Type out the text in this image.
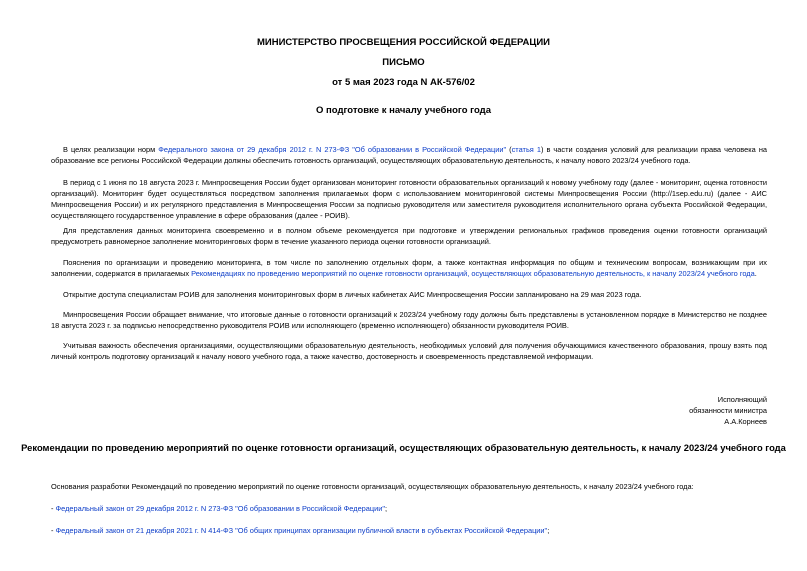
МИНИСТЕРСТВО ПРОСВЕЩЕНИЯ РОССИЙСКОЙ ФЕДЕРАЦИИ
ПИСЬМО
от 5 мая 2023 года N АК-576/02
О подготовке к началу учебного года
В целях реализации норм Федерального закона от 29 декабря 2012 г. N 273-ФЗ "Об образовании в Российской Федерации" (статья 1) в части создания условий для реализации права человека на образование все регионы Российской Федерации должны обеспечить готовность организаций, осуществляющих образовательную деятельность, к началу нового 2023/24 учебного года.
В период с 1 июня по 18 августа 2023 г. Минпросвещения России будет организован мониторинг готовности образовательных организаций к новому учебному году (далее - мониторинг, оценка готовности организаций). Мониторинг будет осуществляться посредством заполнения прилагаемых форм с использованием мониторинговой системы Минпросвещения России (http://1sep.edu.ru) (далее - АИС Минпросвещения России) и их регулярного представления в Минпросвещения России за подписью руководителя или заместителя руководителя исполнительного органа субъекта Российской Федерации, осуществляющего государственное управление в сфере образования (далее - РОИВ).
Для представления данных мониторинга своевременно и в полном объеме рекомендуется при подготовке и утверждении региональных графиков проведения оценки готовности организаций предусмотреть равномерное заполнение мониторинговых форм в течение указанного периода оценки готовности организаций.
Пояснения по организации и проведению мониторинга, в том числе по заполнению отдельных форм, а также контактная информация по общим и техническим вопросам, возникающим при их заполнении, содержатся в прилагаемых Рекомендациях по проведению мероприятий по оценке готовности организаций, осуществляющих образовательную деятельность, к началу 2023/24 учебного года.
Открытие доступа специалистам РОИВ для заполнения мониторинговых форм в личных кабинетах АИС Минпросвещения России запланировано на 29 мая 2023 года.
Минпросвещения России обращает внимание, что итоговые данные о готовности организаций к 2023/24 учебному году должны быть представлены в установленном порядке в Министерство не позднее 18 августа 2023 г. за подписью непосредственно руководителя РОИВ или исполняющего (временно исполняющего) обязанности руководителя РОИВ.
Учитывая важность обеспечения организациями, осуществляющими образовательную деятельность, необходимых условий для получения обучающимися качественного образования, прошу взять под личный контроль подготовку организаций к началу нового учебного года, а также качество, достоверность и своевременность представляемой информации.
Исполняющий
обязанности министра
А.А.Корнеев
Рекомендации по проведению мероприятий по оценке готовности организаций, осуществляющих образовательную деятельность, к началу 2023/24 учебного года
Основания разработки Рекомендаций по проведению мероприятий по оценке готовности организаций, осуществляющих образовательную деятельность, к началу 2023/24 учебного года:
- Федеральный закон от 29 декабря 2012 г. N 273-ФЗ "Об образовании в Российской Федерации";
- Федеральный закон от 21 декабря 2021 г. N 414-ФЗ "Об общих принципах организации публичной власти в субъектах Российской Федерации";
